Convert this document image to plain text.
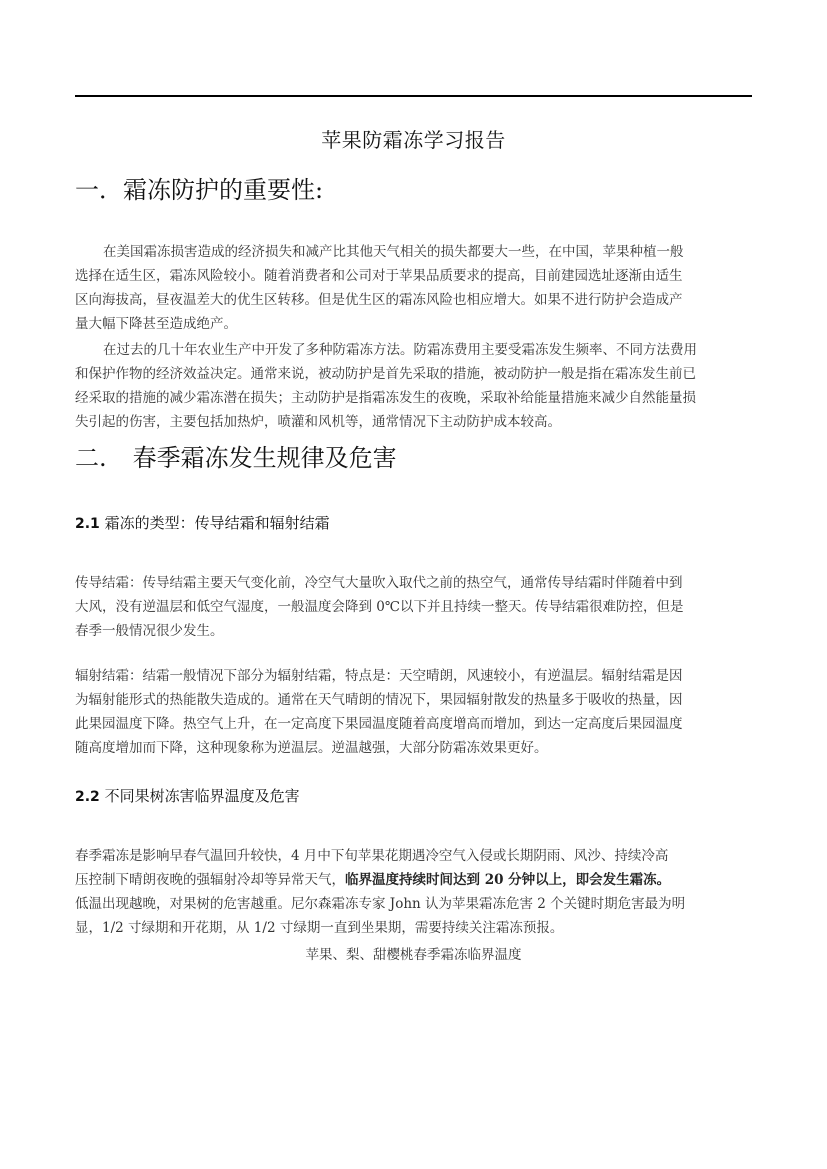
苹果防霜冻学习报告
一．霜冻防护的重要性:
在美国霜冻损害造成的经济损失和减产比其他天气相关的损失都要大一些，在中国，苹果种植一般
选择在适生区，霜冻风险较小。随着消费者和公司对于苹果品质要求的提高，目前建园选址逐渐由适生
区向海拔高，昼夜温差大的优生区转移。但是优生区的霜冻风险也相应增大。如果不进行防护会造成产
量大幅下降甚至造成绝产。
在过去的几十年农业生产中开发了多种防霜冻方法。防霜冻费用主要受霜冻发生频率、不同方法费用
和保护作物的经济效益决定。通常来说，被动防护是首先采取的措施，被动防护一般是指在霜冻发生前已
经采取的措施的减少霜冻潜在损失；主动防护是指霜冻发生的夜晚，采取补给能量措施来减少自然能量损
失引起的伤害，主要包括加热炉，喷灌和风机等，通常情况下主动防护成本较高。
二. 春季霜冻发生规律及危害
2.1 霜冻的类型：传导结霜和辐射结霜
传导结霜：传导结霜主要天气变化前，冷空气大量吹入取代之前的热空气，通常传导结霜时伴随着中到
大风，没有逆温层和低空气湿度，一般温度会降到 0℃以下并且持续一整天。传导结霜很难防控，但是
春季一般情况很少发生。
辐射结霜：结霜一般情况下部分为辐射结霜，特点是：天空晴朗，风速较小，有逆温层。辐射结霜是因
为辐射能形式的热能散失造成的。通常在天气晴朗的情况下，果园辐射散发的热量多于吸收的热量，因
此果园温度下降。热空气上升，在一定高度下果园温度随着高度增高而增加，到达一定高度后果园温度
随高度增加而下降，这种现象称为逆温层。逆温越强，大部分防霜冻效果更好。
2.2 不同果树冻害临界温度及危害
春季霜冻是影响早春气温回升较快，4 月中下旬苹果花期遇冷空气入侵或长期阴雨、风沙、持续冷高
压控制下晴朗夜晚的强辐射冷却等异常天气，临界温度持续时间达到 20 分钟以上，即会发生霜冻。
低温出现越晚，对果树的危害越重。尼尔森霜冻专家 John 认为苹果霜冻危害 2 个关键时期危害最为明
显，1/2 寸绿期和开花期，从 1/2 寸绿期一直到坐果期，需要持续关注霜冻预报。
苹果、梨、甜樱桃春季霜冻临界温度
